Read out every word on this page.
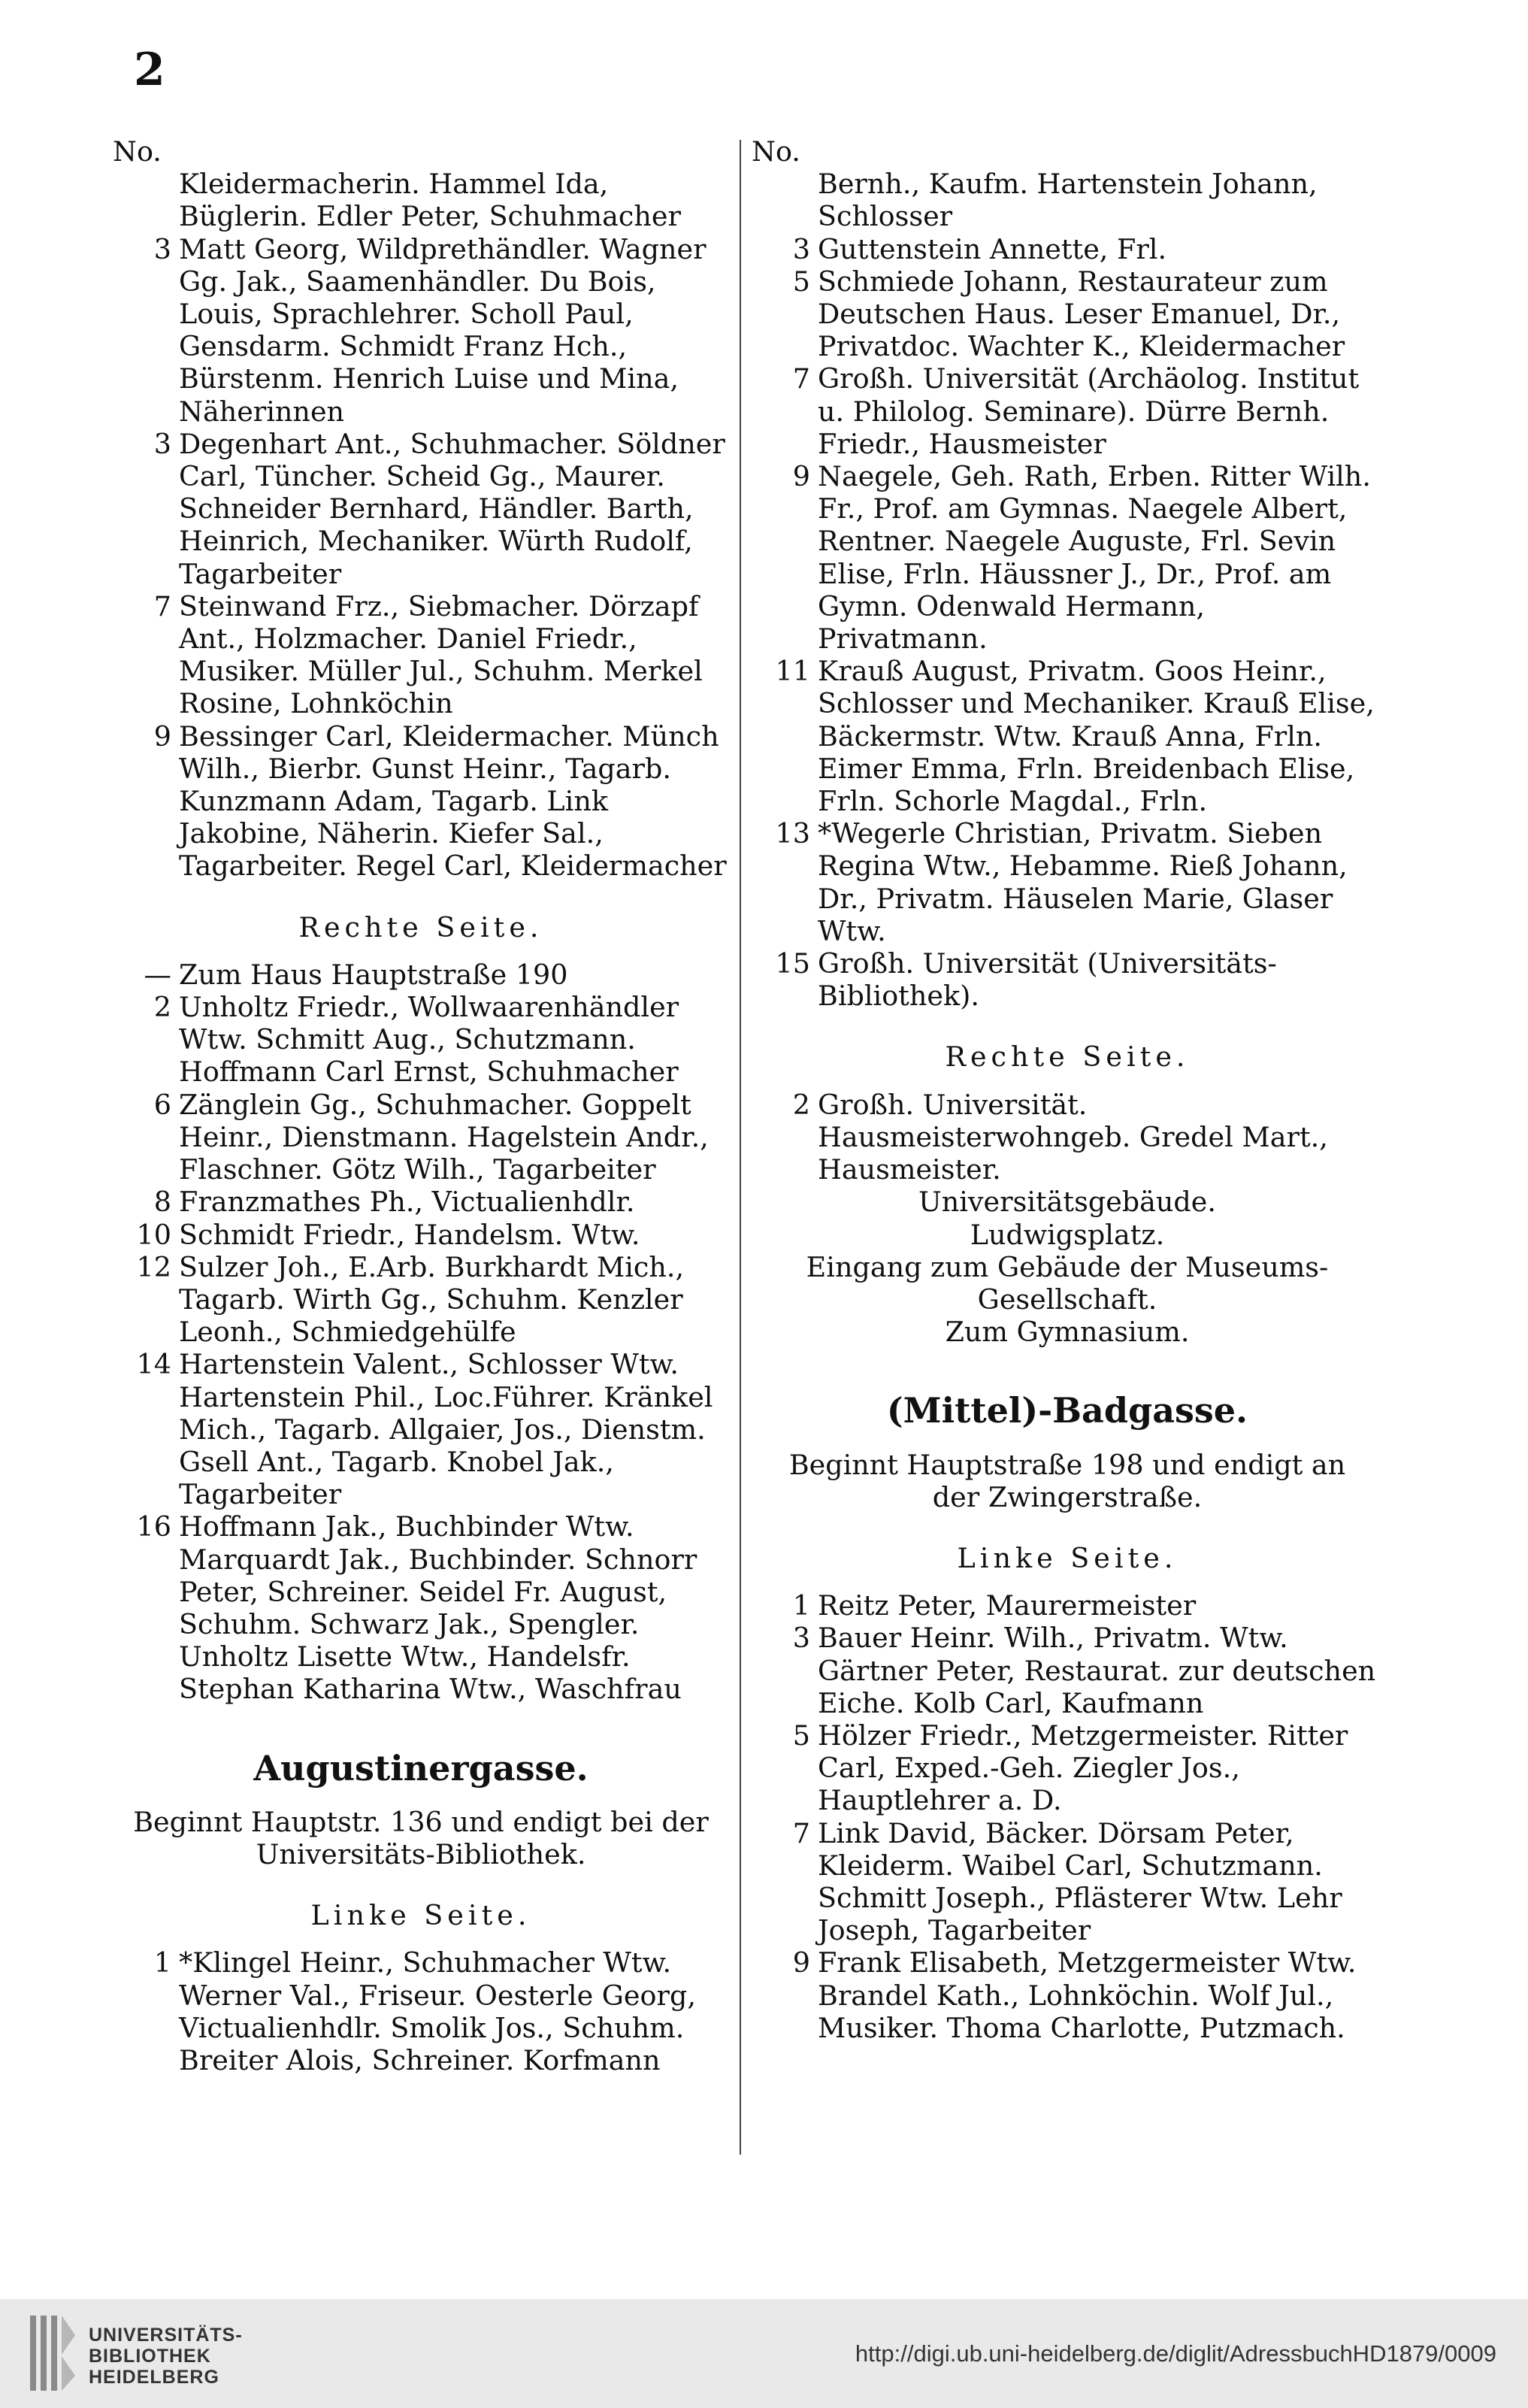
2
No.
Kleidermacherin. Hammel Ida, Büglerin. Edler Peter, Schuhmacher
3 Matt Georg, Wildprethändler. Wagner Gg. Jak., Saamenhändler. Du Bois, Louis, Sprachlehrer. Scholl Paul, Gensdarm. Schmidt Franz Hch., Bürstenm. Henrich Luise und Mina, Näherinnen
3 Degenhart Ant., Schuhmacher. Söldner Carl, Tüncher. Scheid Gg., Maurer. Schneider Bernhard, Händler. Barth, Heinrich, Mechaniker. Würth Rudolf, Tagarbeiter
7 Steinwand Frz., Siebmacher. Dörzapf Ant., Holzmacher. Daniel Friedr., Musiker. Müller Jul., Schuhm. Merkel Rosine, Lohnköchin
9 Bessinger Carl, Kleidermacher. Münch Wilh., Bierbr. Gunst Heinr., Tagarb. Kunzmann Adam, Tagarb. Link Jakobine, Näherin. Kiefer Sal., Tagarbeiter. Regel Carl, Kleidermacher
Rechte Seite.
— Zum Haus Hauptstraße 190
2 Unholtz Friedr., Wollwaarenhändler Wtw. Schmitt Aug., Schutzmann. Hoffmann Carl Ernst, Schuhmacher
6 Zänglein Gg., Schuhmacher. Goppelt Heinr., Dienstmann. Hagelstein Andr., Flaschner. Götz Wilh., Tagarbeiter
8 Franzmathes Ph., Victualienhdlr.
10 Schmidt Friedr., Handelsm. Wtw.
12 Sulzer Joh., E.Arb. Burkhardt Mich., Tagarb. Wirth Gg., Schuhm. Kenzler Leonh., Schmiedgehülfe
14 Hartenstein Valent., Schlosser Wtw. Hartenstein Phil., Loc.Führer. Kränkel Mich., Tagarb. Allgaier, Jos., Dienstm. Gsell Ant., Tagarb. Knobel Jak., Tagarbeiter
16 Hoffmann Jak., Buchbinder Wtw. Marquardt Jak., Buchbinder. Schnorr Peter, Schreiner. Seidel Fr. August, Schuhm. Schwarz Jak., Spengler. Unholtz Lisette Wtw., Handelsfr. Stephan Katharina Wtw., Waschfrau
Augustinergasse.
Beginnt Hauptstr. 136 und endigt bei der Universitäts-Bibliothek.
Linke Seite.
1 *Klingel Heinr., Schuhmacher Wtw. Werner Val., Friseur. Oesterle Georg, Victualienhdlr. Smolik Jos., Schuhm. Breiter Alois, Schreiner. Korfmann
No.
Bernh., Kaufm. Hartenstein Johann, Schlosser
3 Guttenstein Annette, Frl.
5 Schmiede Johann, Restaurateur zum Deutschen Haus. Leser Emanuel, Dr., Privatdoc. Wachter K., Kleidermacher
7 Großh. Universität (Archäolog. Institut u. Philolog. Seminare). Dürre Bernh. Friedr., Hausmeister
9 Naegele, Geh. Rath, Erben. Ritter Wilh. Fr., Prof. am Gymnas. Naegele Albert, Rentner. Naegele Auguste, Frl. Sevin Elise, Frln. Häussner J., Dr., Prof. am Gymn. Odenwald Hermann, Privatmann.
11 Krauß August, Privatm. Goos Heinr., Schlosser und Mechaniker. Krauß Elise, Bäckermstr. Wtw. Krauß Anna, Frln. Eimer Emma, Frln. Breidenbach Elise, Frln. Schorle Magdal., Frln.
13 *Wegerle Christian, Privatm. Sieben Regina Wtw., Hebamme. Rieß Johann, Dr., Privatm. Häuselen Marie, Glaser Wtw.
15 Großh. Universität (Universitäts-Bibliothek).
Rechte Seite.
2 Großh. Universität. Hausmeisterwohngeb. Gredel Mart., Hausmeister.
Universitätsgebäude.
Ludwigsplatz.
Eingang zum Gebäude der Museums-Gesellschaft.
Zum Gymnasium.
(Mittel)-Badgasse.
Beginnt Hauptstraße 198 und endigt an der Zwingerstraße.
Linke Seite.
1 Reitz Peter, Maurermeister
3 Bauer Heinr. Wilh., Privatm. Wtw. Gärtner Peter, Restaurat. zur deutschen Eiche. Kolb Carl, Kaufmann
5 Hölzer Friedr., Metzgermeister. Ritter Carl, Exped.-Geh. Ziegler Jos., Hauptlehrer a. D.
7 Link David, Bäcker. Dörsam Peter, Kleiderm. Waibel Carl, Schutzmann. Schmitt Joseph., Pflästerer Wtw. Lehr Joseph, Tagarbeiter
9 Frank Elisabeth, Metzgermeister Wtw. Brandel Kath., Lohnköchin. Wolf Jul., Musiker. Thoma Charlotte, Putzmach.
UNIVERSITÄTS-
BIBLIOTHEK
HEIDELBERG
http://digi.ub.uni-heidelberg.de/diglit/AdressbuchHD1879/0009
